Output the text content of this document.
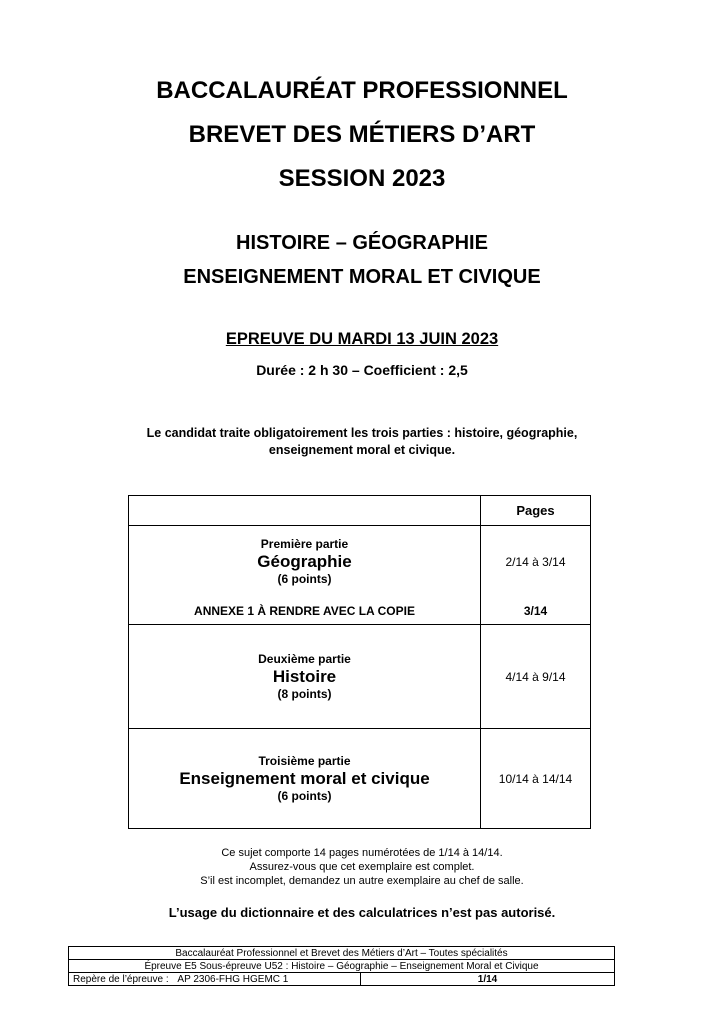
BACCALAURÉAT PROFESSIONNEL
BREVET DES MÉTIERS D’ART
SESSION 2023
HISTOIRE – GÉOGRAPHIE
ENSEIGNEMENT MORAL ET CIVIQUE
EPREUVE DU MARDI 13 JUIN 2023
Durée : 2 h 30 – Coefficient : 2,5
Le candidat traite obligatoirement les trois parties : histoire, géographie,
enseignement moral et civique.
	Pages

Première partie
Géographie
(6 points)	2/14 à 3/14
ANNEXE 1 À RENDRE AVEC LA COPIE	3/14

Deuxième partie
Histoire
(8 points)	4/14 à 9/14

Troisième partie
Enseignement moral et civique
(6 points)	10/14 à 14/14
Ce sujet comporte 14 pages numérotées de 1/14 à 14/14.
Assurez-vous que cet exemplaire est complet.
S’il est incomplet, demandez un autre exemplaire au chef de salle.
L’usage du dictionnaire et des calculatrices n’est pas autorisé.
Baccalauréat Professionnel et Brevet des Métiers d’Art – Toutes spécialités
Épreuve E5 Sous-épreuve U52 : Histoire – Géographie – Enseignement Moral et Civique
Repère de l’épreuve : AP 2306-FHG HGEMC 1	1/14
